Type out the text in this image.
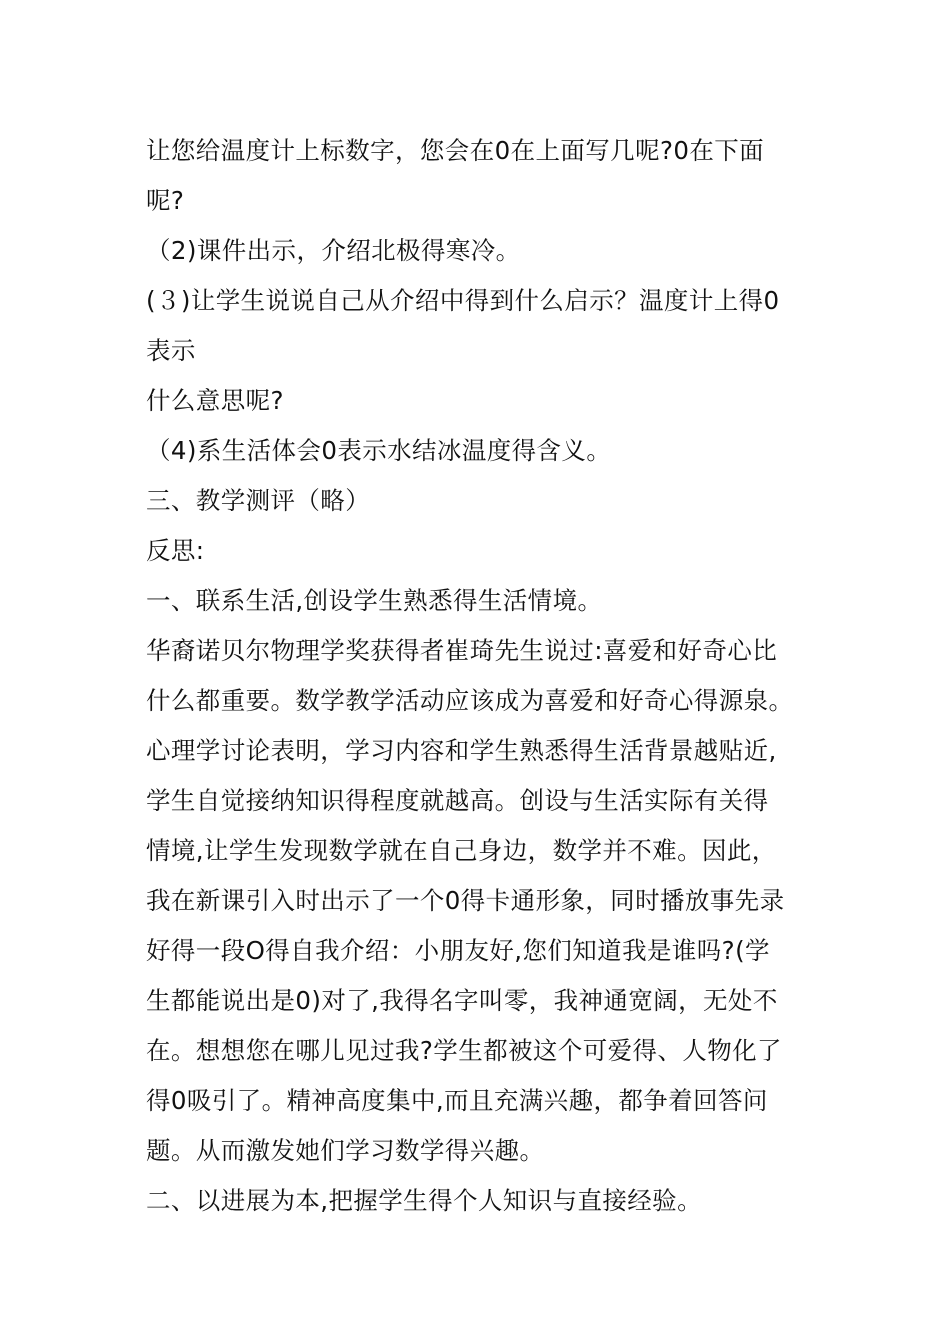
让您给温度计上标数字，您会在0在上面写几呢?0在下面
呢?
（2)课件出示，介绍北极得寒冷。
(３)让学生说说自己从介绍中得到什么启示？温度计上得0
表示
什么意思呢?
（4)系生活体会0表示水结冰温度得含义。
三、教学测评（略）
反思:
一、联系生活,创设学生熟悉得生活情境。
华裔诺贝尔物理学奖获得者崔琦先生说过:喜爱和好奇心比
什么都重要。数学教学活动应该成为喜爱和好奇心得源泉。
心理学讨论表明，学习内容和学生熟悉得生活背景越贴近,
学生自觉接纳知识得程度就越高。创设与生活实际有关得
情境,让学生发现数学就在自己身边，数学并不难。因此，
我在新课引入时出示了一个0得卡通形象，同时播放事先录
好得一段O得自我介绍：小朋友好,您们知道我是谁吗?(学
生都能说出是0)对了,我得名字叫零，我神通宽阔，无处不
在。想想您在哪儿见过我?学生都被这个可爱得、人物化了
得0吸引了。精神高度集中,而且充满兴趣，都争着回答问
题。从而激发她们学习数学得兴趣。
二、以进展为本,把握学生得个人知识与直接经验。
